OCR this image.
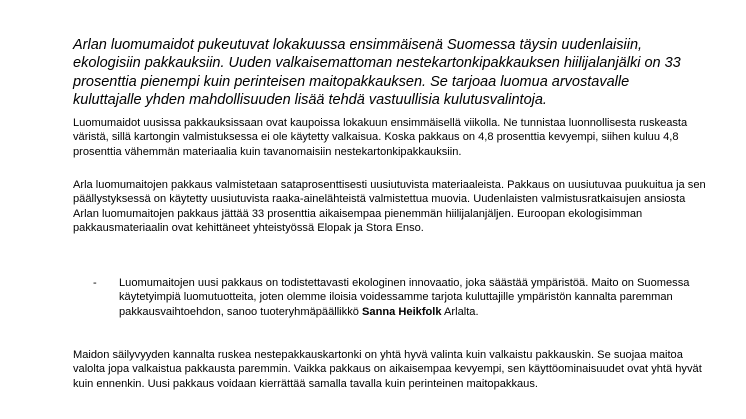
Arlan luomumaidot pukeutuvat lokakuussa ensimmäisenä Suomessa täysin uudenlaisiin, ekologisiin pakkauksiin. Uuden valkaisemattoman nestekartonkipakkauksen hiilijalanjälki on 33 prosenttia pienempi kuin perinteisen maitopakkauksen. Se tarjoaa luomua arvostavalle kuluttajalle yhden mahdollisuuden lisää tehdä vastuullisia kulutusvalintoja.
Luomumaidot uusissa pakkauksissaan ovat kaupoissa lokakuun ensimmäisellä viikolla. Ne tunnistaa luonnollisesta ruskeasta väristä, sillä kartongin valmistuksessa ei ole käytetty valkaisua. Koska pakkaus on 4,8 prosenttia kevyempi, siihen kuluu 4,8 prosenttia vähemmän materiaalia kuin tavanomaisiin nestekartonkipakkauksiin.
Arla luomumaitojen pakkaus valmistetaan sataprosenttisesti uusiutuvista materiaaleista. Pakkaus on uusiutuvaa puukuitua ja sen päällystyksessä on käytetty uusiutuvista raaka-ainelähteistä valmistettua muovia. Uudenlaisten valmistusratkaisujen ansiosta Arlan luomumaitojen pakkaus jättää 33 prosenttia aikaisempaa pienemmän hiilijalanjäljen. Euroopan ekologisimman pakkausmateriaalin ovat kehittäneet yhteistyössä Elopak ja Stora Enso.
- Luomumaitojen uusi pakkaus on todistettavasti ekologinen innovaatio, joka säästää ympäristöä. Maito on Suomessa käytetyimpiä luomutuotteita, joten olemme iloisia voidessamme tarjota kuluttajille ympäristön kannalta paremman pakkausvaihtoehdon, sanoo tuoteryhmäpäällikkö Sanna Heikfolk Arlalta.
Maidon säilyvyyden kannalta ruskea nestepakkauskartonki on yhtä hyvä valinta kuin valkaistu pakkauskin. Se suojaa maitoa valolta jopa valkaistua pakkausta paremmin. Vaikka pakkaus on aikaisempaa kevyempi, sen käyttöominaisuudet ovat yhtä hyvät kuin ennenkin. Uusi pakkaus voidaan kierrättää samalla tavalla kuin perinteinen maitopakkaus.
